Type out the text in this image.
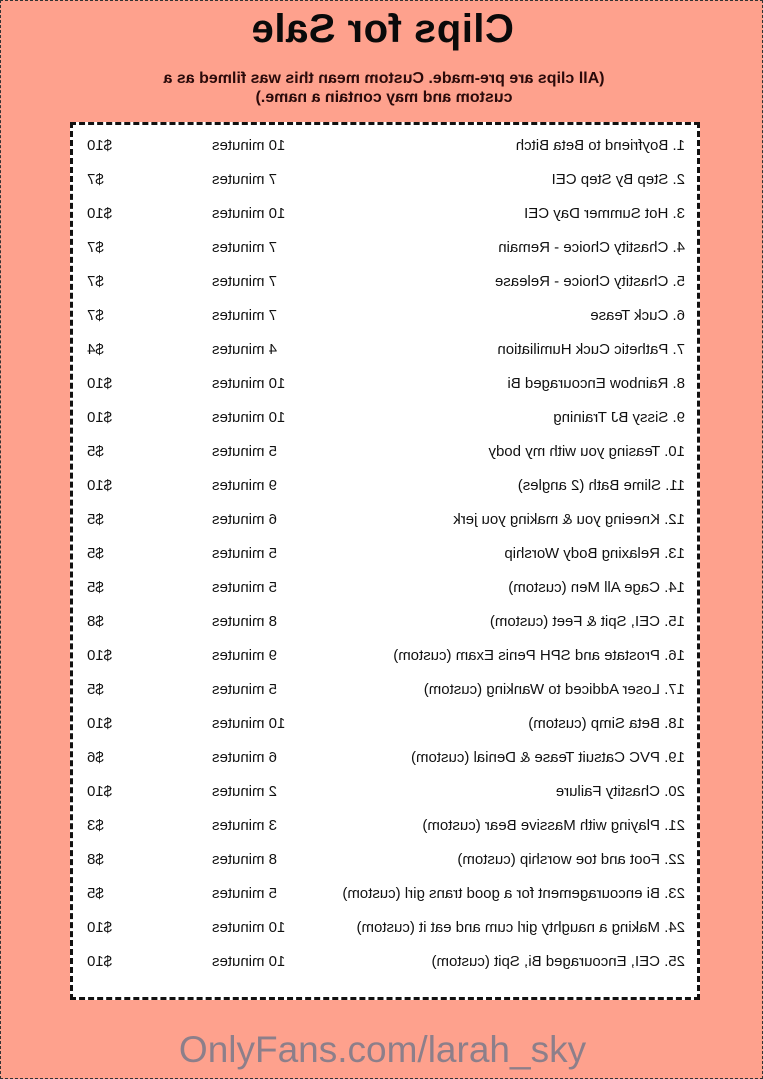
Clips for Sale
(All clips are pre-made. Custom mean this was filmed as a custom and may contain a name.)
1. Boyfriend to Beta Bitch
10 minutes
$10
2. Step By Step CEI
7 minutes
$7
3. Hot Summer Day CEI
10 minutes
$10
4. Chastity Choice - Remain
7 minutes
$7
5. Chastity Choice - Release
7 minutes
$7
6. Cuck Tease
7 minutes
$7
7. Pathetic Cuck Humiliation
4 minutes
$4
8. Rainbow Encouraged Bi
10 minutes
$10
9. Sissy BJ Training
10 minutes
$10
10. Teasing you with my body
5 minutes
$5
11. Slime Bath (2 angles)
9 minutes
$10
12. Kneeing you & making you jerk
6 minutes
$5
13. Relaxing Body Worship
5 minutes
$5
14. Cage All Men (custom)
5 minutes
$5
15. CEI, Spit & Feet (custom)
8 minutes
$8
16. Prostate and SPH Penis Exam (custom)
9 minutes
$10
17. Loser Addiced to Wanking (custom)
5 minutes
$5
18. Beta Simp (custom)
10 minutes
$10
19. PVC Catsuit Tease & Denial (custom)
6 minutes
$6
20. Chastity Failure
2 minutes
$10
21. Playing with Massive Bear (custom)
3 minutes
$3
22. Foot and toe worship (custom)
8 minutes
$8
23. Bi encouragement for a good trans girl (custom)
5 minutes
$5
24. Making a naughty girl cum and eat it (custom)
10 minutes
$10
25. CEI, Encouraged Bi, Spit (custom)
10 minutes
$10
OnlyFans.com/larah_sky
